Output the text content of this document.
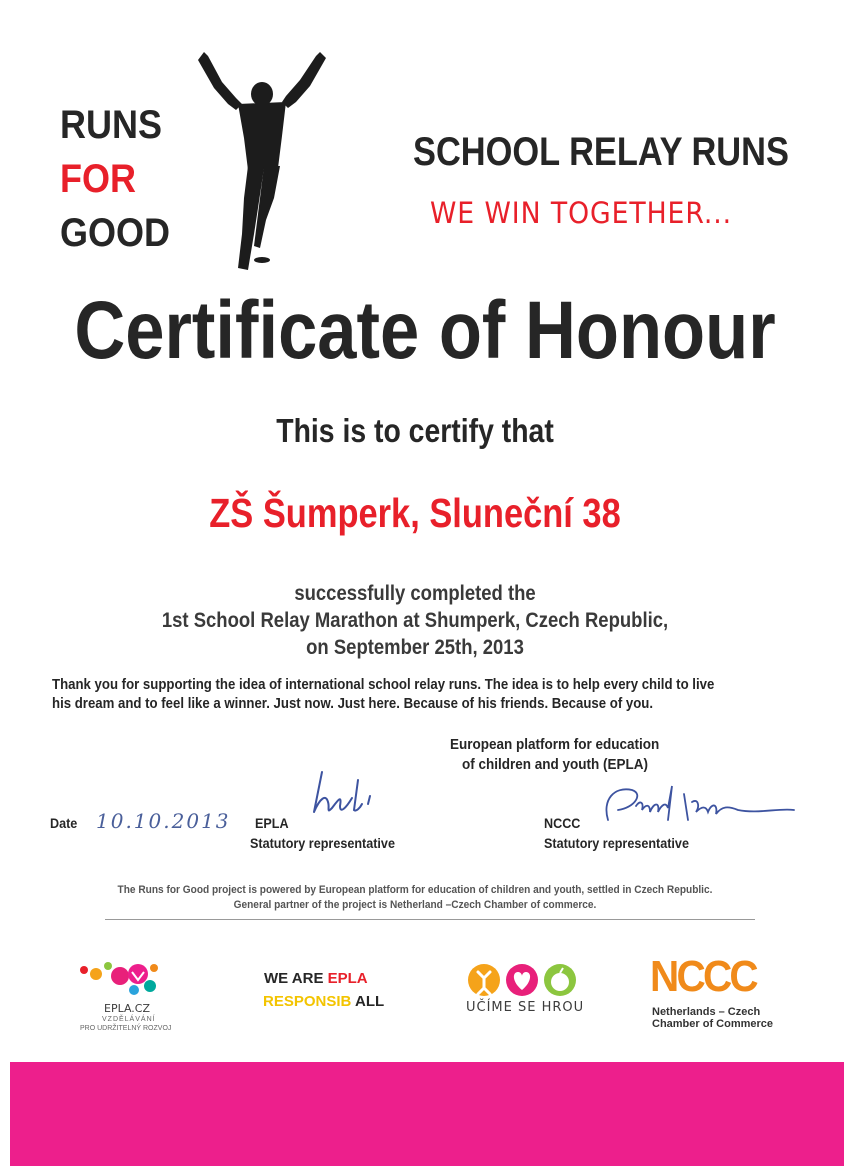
RUNS
FOR
GOOD
SCHOOL RELAY RUNS
WE WIN TOGETHER...
Certificate of Honour
This is to certify that
ZŠ Šumperk, Sluneční 38
successfully completed the
1st School Relay Marathon at Shumperk, Czech Republic,
on September 25th, 2013
Thank you for supporting the idea of international school relay runs. The idea is to help every child to live
his dream and to feel like a winner. Just now. Just here. Because of his friends. Because of you.
European platform for education
of children and youth (EPLA)
Date 10.10.2013 EPLA
Statutory representative
NCCC
Statutory representative
The Runs for Good project is powered by European platform for education of children and youth, settled in Czech Republic.
General partner of the project is Netherland –Czech Chamber of commerce.
EPLA.CZ
VZDĚLÁVÁNÍ
PRO UDRŽITELNÝ ROZVOJ
WE ARE EPLA
RESPONSIB ALL	UČÍME SE HROU
NCCC
Netherlands – Czech
Chamber of Commerce
